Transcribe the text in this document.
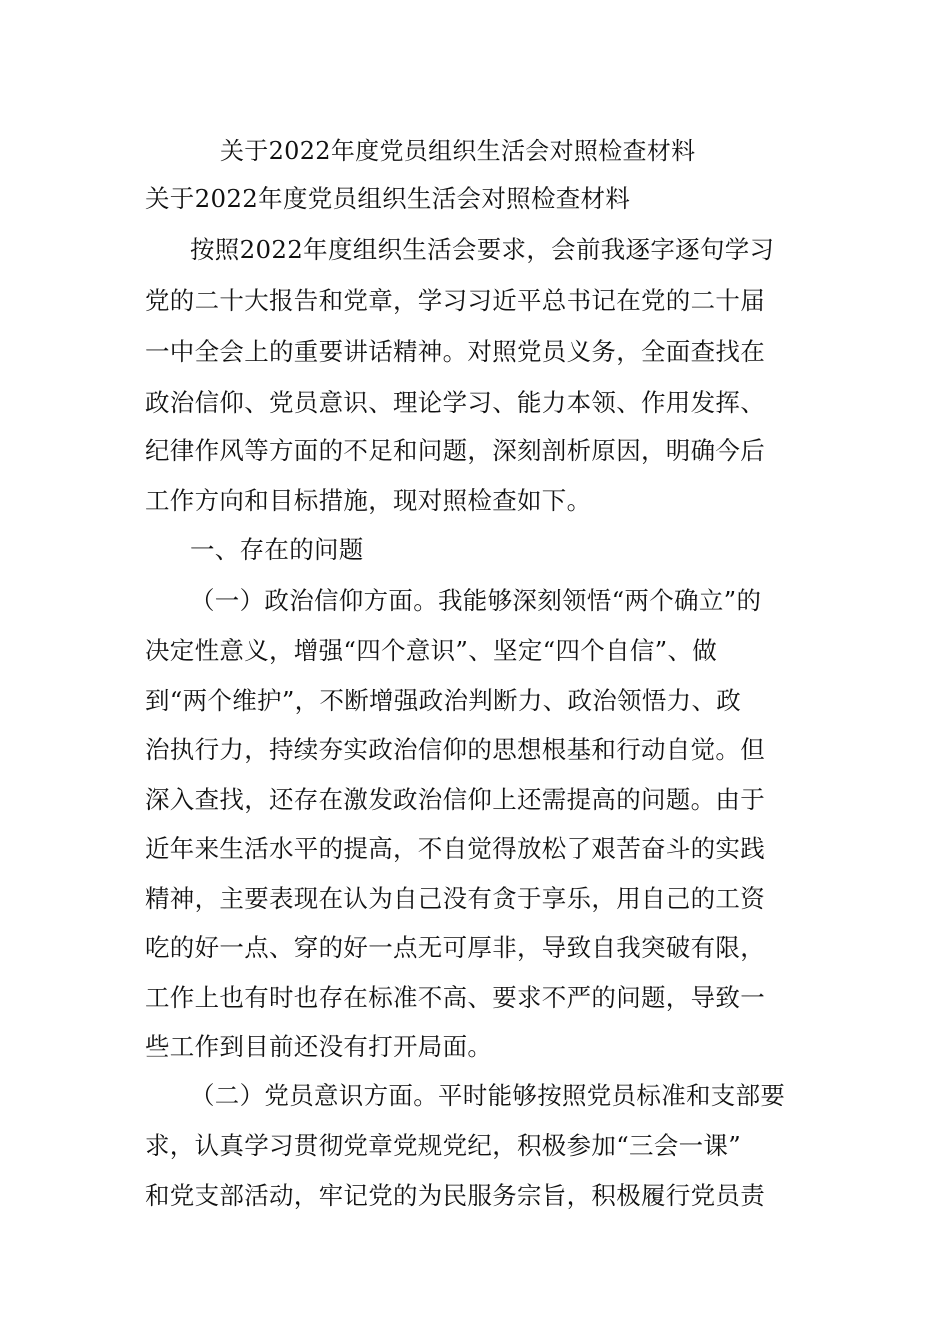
关于2022年度党员组织生活会对照检查材料
关于2022年度党员组织生活会对照检查材料
按照2022年度组织生活会要求，会前我逐字逐句学习
党的二十大报告和党章，学习习近平总书记在党的二十届
一中全会上的重要讲话精神。对照党员义务，全面查找在
政治信仰、党员意识、理论学习、能力本领、作用发挥、
纪律作风等方面的不足和问题，深刻剖析原因，明确今后
工作方向和目标措施，现对照检查如下。
一、存在的问题
（一）政治信仰方面。我能够深刻领悟“两个确立”的
决定性意义，增强“四个意识”、坚定“四个自信”、做
到“两个维护”，不断增强政治判断力、政治领悟力、政
治执行力，持续夯实政治信仰的思想根基和行动自觉。但
深入查找，还存在激发政治信仰上还需提高的问题。由于
近年来生活水平的提高，不自觉得放松了艰苦奋斗的实践
精神，主要表现在认为自己没有贪于享乐，用自己的工资
吃的好一点、穿的好一点无可厚非，导致自我突破有限，
工作上也有时也存在标准不高、要求不严的问题，导致一
些工作到目前还没有打开局面。
（二）党员意识方面。平时能够按照党员标准和支部要
求，认真学习贯彻党章党规党纪，积极参加“三会一课”
和党支部活动，牢记党的为民服务宗旨，积极履行党员责
